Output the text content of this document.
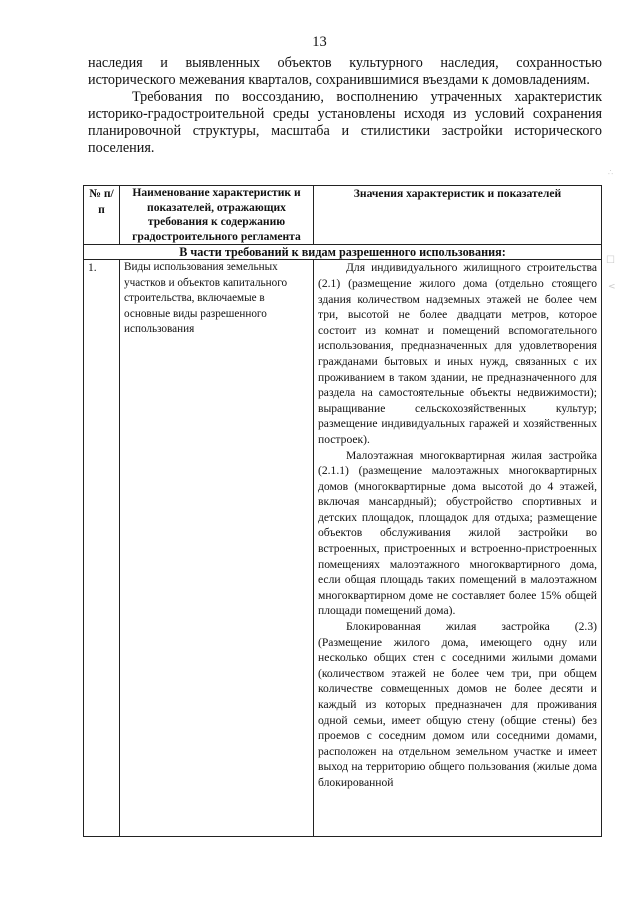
13

наследия и выявленных объектов культурного наследия, сохранностью исторического межевания кварталов, сохранившимися въездами к домовладениям.

Требования по воссозданию, восполнению утраченных характеристик историко-градостроительной среды установлены исходя из условий сохранения планировочной структуры, масштаба и стилистики застройки исторического поселения.

№ п/п	Наименование характеристик и показателей, отражающих требования к содержанию градостроительного регламента	Значения характеристик и показателей
В части требований к видам разрешенного использования:		
1.	Виды использования земельных участков и объектов капитального строительства, включаемые в основные виды разрешенного использования	Для индивидуального жилищного строительства (2.1) (размещение жилого дома (отдельно стоящего здания количеством надземных этажей не более чем три, высотой не более двадцати метров, которое состоит из комнат и помещений вспомогательного использования, предназначенных для удовлетворения гражданами бытовых и иных нужд, связанных с их проживанием в таком здании, не предназначенного для раздела на самостоятельные объекты недвижимости); выращивание сельскохозяйственных культур; размещение индивидуальных гаражей и хозяйственных построек).

Малоэтажная многоквартирная жилая застройка (2.1.1) (размещение малоэтажных многоквартирных домов (многоквартирные дома высотой до 4 этажей, включая мансардный); обустройство спортивных и детских площадок, площадок для отдыха; размещение объектов обслуживания жилой застройки во встроенных, пристроенных и встроенно-пристроенных помещениях малоэтажного многоквартирного дома, если общая площадь таких помещений в малоэтажном многоквартирном доме не составляет более 15% общей площади помещений дома).

Блокированная жилая застройка (2.3) (Размещение жилого дома, имеющего одну или несколько общих стен с соседними жилыми домами (количеством этажей не более чем три, при общем количестве совмещенных домов не более десяти и каждый из которых предназначен для проживания одной семьи, имеет общую стену (общие стены) без проемов с соседним домом или соседними домами, расположен на отдельном земельном участке и имеет выход на территорию общего пользования (жилые дома блокированной

☐
<
∴
